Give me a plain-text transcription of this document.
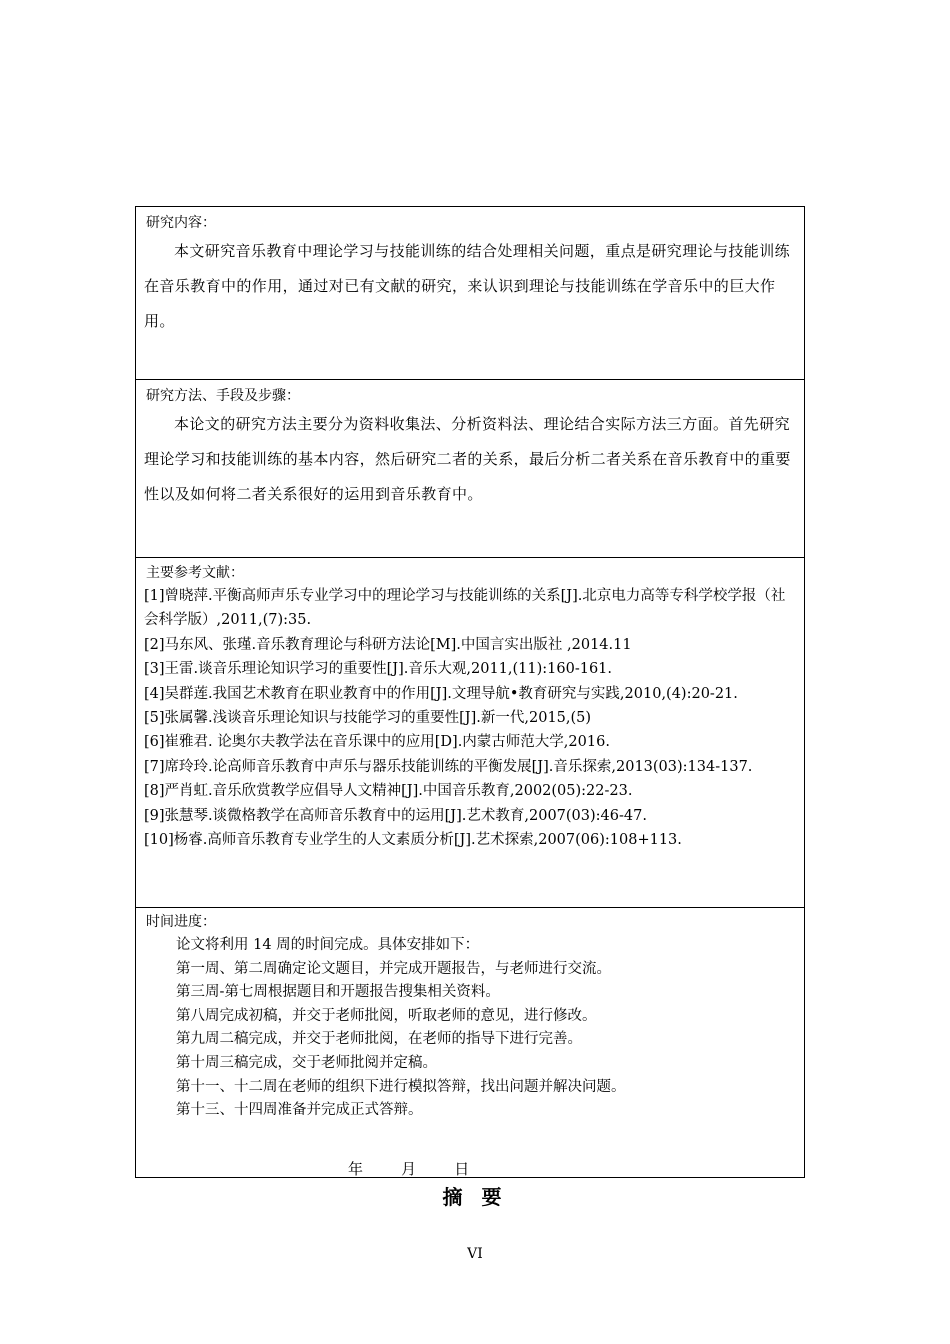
研究内容：
本文研究音乐教育中理论学习与技能训练的结合处理相关问题，重点是研究理论与技能训练在音乐教育中的作用，通过对已有文献的研究，来认识到理论与技能训练在学音乐中的巨大作用。
研究方法、手段及步骤：
本论文的研究方法主要分为资料收集法、分析资料法、理论结合实际方法三方面。首先研究理论学习和技能训练的基本内容，然后研究二者的关系，最后分析二者关系在音乐教育中的重要性以及如何将二者关系很好的运用到音乐教育中。
主要参考文献：
[1]曾晓萍.平衡高师声乐专业学习中的理论学习与技能训练的关系[J].北京电力高等专科学校学报（社会科学版）,2011,(7):35.
[2]马东风、张瑾.音乐教育理论与科研方法论[M].中国言实出版社 ,2014.11
[3]王雷.谈音乐理论知识学习的重要性[J].音乐大观,2011,(11):160-161.
[4]吴群莲.我国艺术教育在职业教育中的作用[J].文理导航•教育研究与实践,2010,(4):20-21.
[5]张属馨.浅谈音乐理论知识与技能学习的重要性[J].新一代,2015,(5)
[6]崔雅君. 论奥尔夫教学法在音乐课中的应用[D].内蒙古师范大学,2016.
[7]席玲玲.论高师音乐教育中声乐与器乐技能训练的平衡发展[J].音乐探索,2013(03):134-137.
[8]严肖虹.音乐欣赏教学应倡导人文精神[J].中国音乐教育,2002(05):22-23.
[9]张慧琴.谈微格教学在高师音乐教育中的运用[J].艺术教育,2007(03):46-47.
[10]杨睿.高师音乐教育专业学生的人文素质分析[J].艺术探索,2007(06):108+113.
时间进度：
论文将利用 14 周的时间完成。具体安排如下：
第一周、第二周确定论文题目，并完成开题报告，与老师进行交流。
第三周-第七周根据题目和开题报告搜集相关资料。
第八周完成初稿，并交于老师批阅，听取老师的意见，进行修改。
第九周二稿完成，并交于老师批阅，在老师的指导下进行完善。
第十周三稿完成，交于老师批阅并定稿。
第十一、十二周在老师的组织下进行模拟答辩，找出问题并解决问题。
第十三、十四周准备并完成正式答辩。
年        月        日
摘 要
VI
